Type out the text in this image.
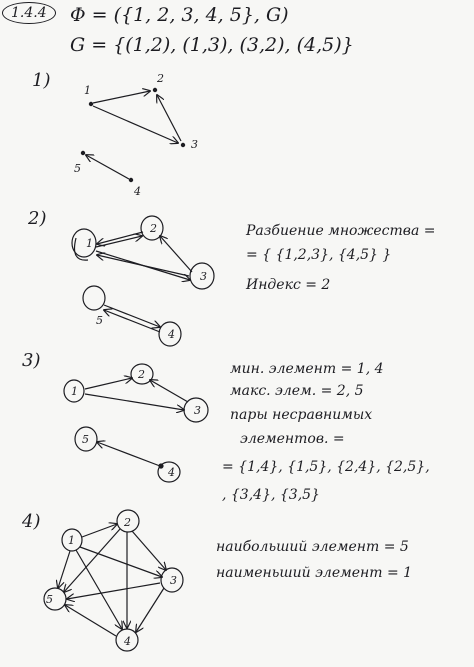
1.4.4	Φ = ({1, 2, 3, 4, 5}, G)
G = {(1,2), (1,3), (3,2), (4,5)}
1)
2)
3)
4)
1
2
3
4
5
1
2
3
4
5
1
2
3
4
5
1
2
3
4
5
Разбиение множества =
= { {1,2,3}, {4,5} }
Индекс = 2
мин. элемент = 1, 4
макс. элем. = 2, 5
пары несравнимых
элементов. =
= {1,4}, {1,5}, {2,4}, {2,5},
, {3,4}, {3,5}
наибольший элемент = 5
наименьший элемент = 1
